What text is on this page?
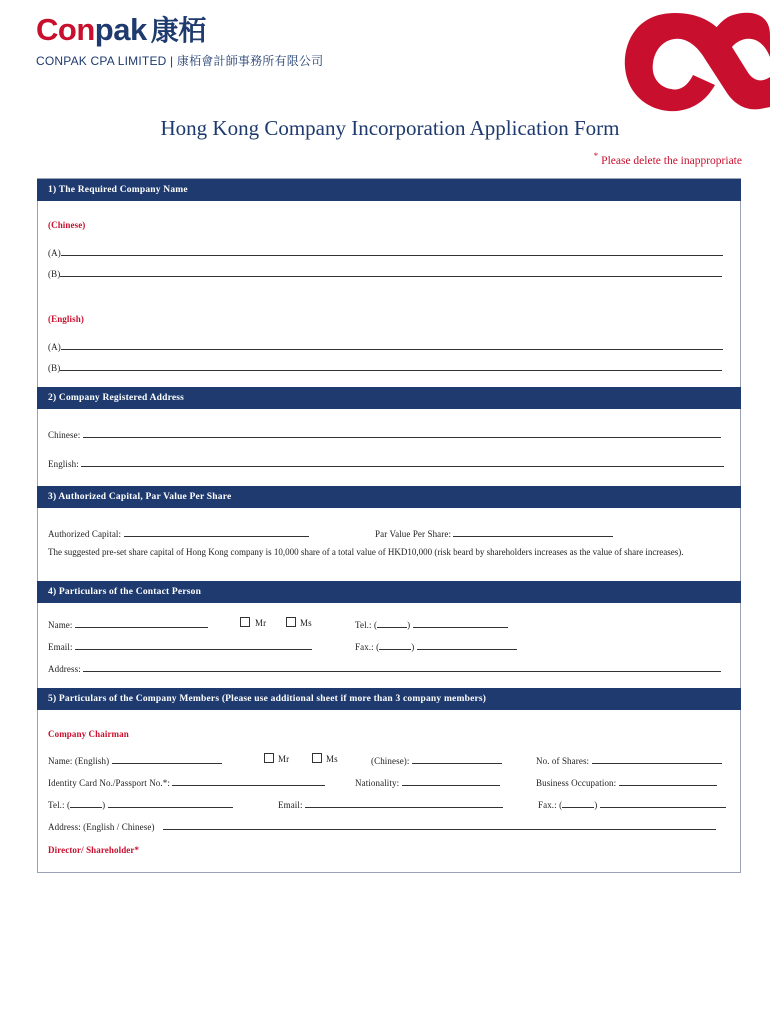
Conpak 康栢
CONPAK CPA LIMITED | 康栢會計師事務所有限公司
Hong Kong Company Incorporation Application Form
* Please delete the inappropriate
1) The Required Company Name
(Chinese)
(A)
(B)
(English)
(A)
(B)
2) Company Registered Address
Chinese:
English:
3) Authorized Capital, Par Value Per Share
Authorized Capital:	Par Value Per Share:
The suggested pre-set share capital of Hong Kong company is 10,000 share of a total value of HKD10,000 (risk beard by shareholders increases as the value of share increases).
4) Particulars of the Contact Person
Name:	Mr	Ms	Tel.: (	)
Email:	Fax.: (	)
Address:
5) Particulars of the Company Members (Please use additional sheet if more than 3 company members)
Company Chairman
Name: (English)	Mr	Ms	(Chinese):	No. of Shares:
Identity Card No./Passport No.*:	Nationality:	Business Occupation:
Tel.: (	)	Email:	Fax.: (	)
Address: (English / Chinese)
Director/ Shareholder*
